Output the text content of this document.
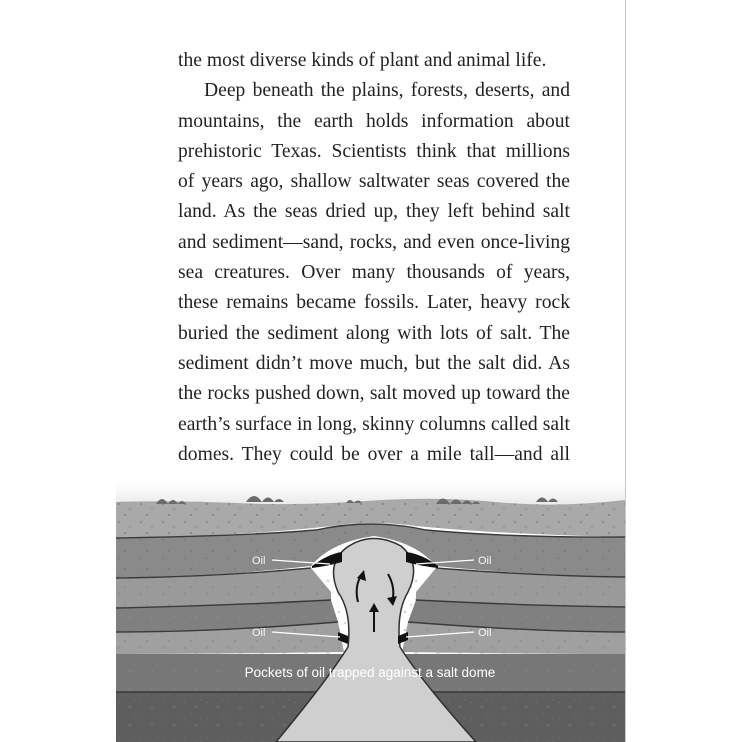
the most diverse kinds of plant and animal life.
Deep beneath the plains, forests, deserts, and
mountains, the earth holds information about
prehistoric Texas. Scientists think that millions
of years ago, shallow saltwater seas covered the
land. As the seas dried up, they left behind salt
and sediment—sand, rocks, and even once-living
sea creatures. Over many thousands of years,
these remains became fossils. Later, heavy rock
buried the sediment along with lots of salt. The
sediment didn’t move much, but the salt did. As
the rocks pushed down, salt moved up toward the
earth’s surface in long, skinny columns called salt
domes. They could be over a mile tall—and all
Oil	Oil
Oil	Oil
Pockets of oil trapped against a salt dome
